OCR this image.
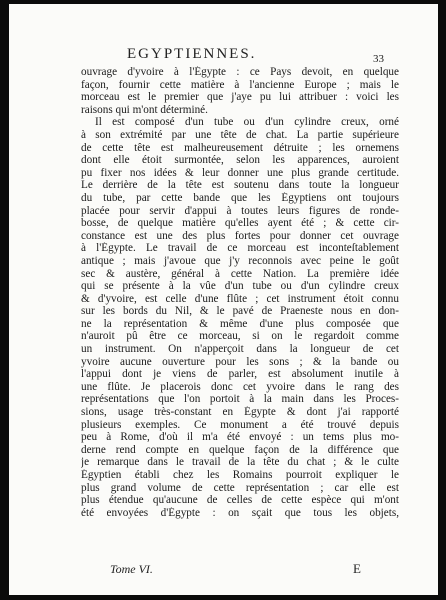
EGYPTIENNES.	33
ouvrage d'yvoire à l'Égypte : ce Pays devoit, en quelque
façon, fournir cette matière à l'ancienne Europe ; mais le
morceau est le premier que j'aye pu lui attribuer : voici les
raisons qui m'ont déterminé.
Il est composé d'un tube ou d'un cylindre creux, orné
à son extrémité par une tête de chat. La partie supérieure
de cette tête est malheureusement détruite ; les ornemens
dont elle étoit surmontée, selon les apparences, auroient
pu fixer nos idées & leur donner une plus grande certitude.
Le derrière de la tête est soutenu dans toute la longueur
du tube, par cette bande que les Égyptiens ont toujours
placée pour servir d'appui à toutes leurs figures de ronde-
bosse, de quelque matière qu'elles ayent été ; & cette cir-
constance est une des plus fortes pour donner cet ouvrage
à l'Égypte. Le travail de ce morceau est inconteſtablement
antique ; mais j'avoue que j'y reconnois avec peine le goût
sec & austère, général à cette Nation. La première idée
qui se présente à la vûe d'un tube ou d'un cylindre creux
& d'yvoire, est celle d'une flûte ; cet instrument étoit connu
sur les bords du Nil, & le pavé de Praeneste nous en don-
ne la représentation & même d'une plus composée que
n'auroit pû être ce morceau, si on le regardoit comme
un instrument. On n'apperçoit dans la longueur de cet
yvoire aucune ouverture pour les sons ; & la bande ou
l'appui dont je viens de parler, est absolument inutile à
une flûte. Je placerois donc cet yvoire dans le rang des
représentations que l'on portoit à la main dans les Proces-
sions, usage très-constant en Égypte & dont j'ai rapporté
plusieurs exemples. Ce monument a été trouvé depuis
peu à Rome, d'où il m'a été envoyé : un tems plus mo-
derne rend compte en quelque façon de la différence que
je remarque dans le travail de la tête du chat ; & le culte
Égyptien établi chez les Romains pourroit expliquer le
plus grand volume de cette représentation ; car elle est
plus étendue qu'aucune de celles de cette espèce qui m'ont
été envoyées d'Égypte : on sçait que tous les objets,
Tome VI.	E
